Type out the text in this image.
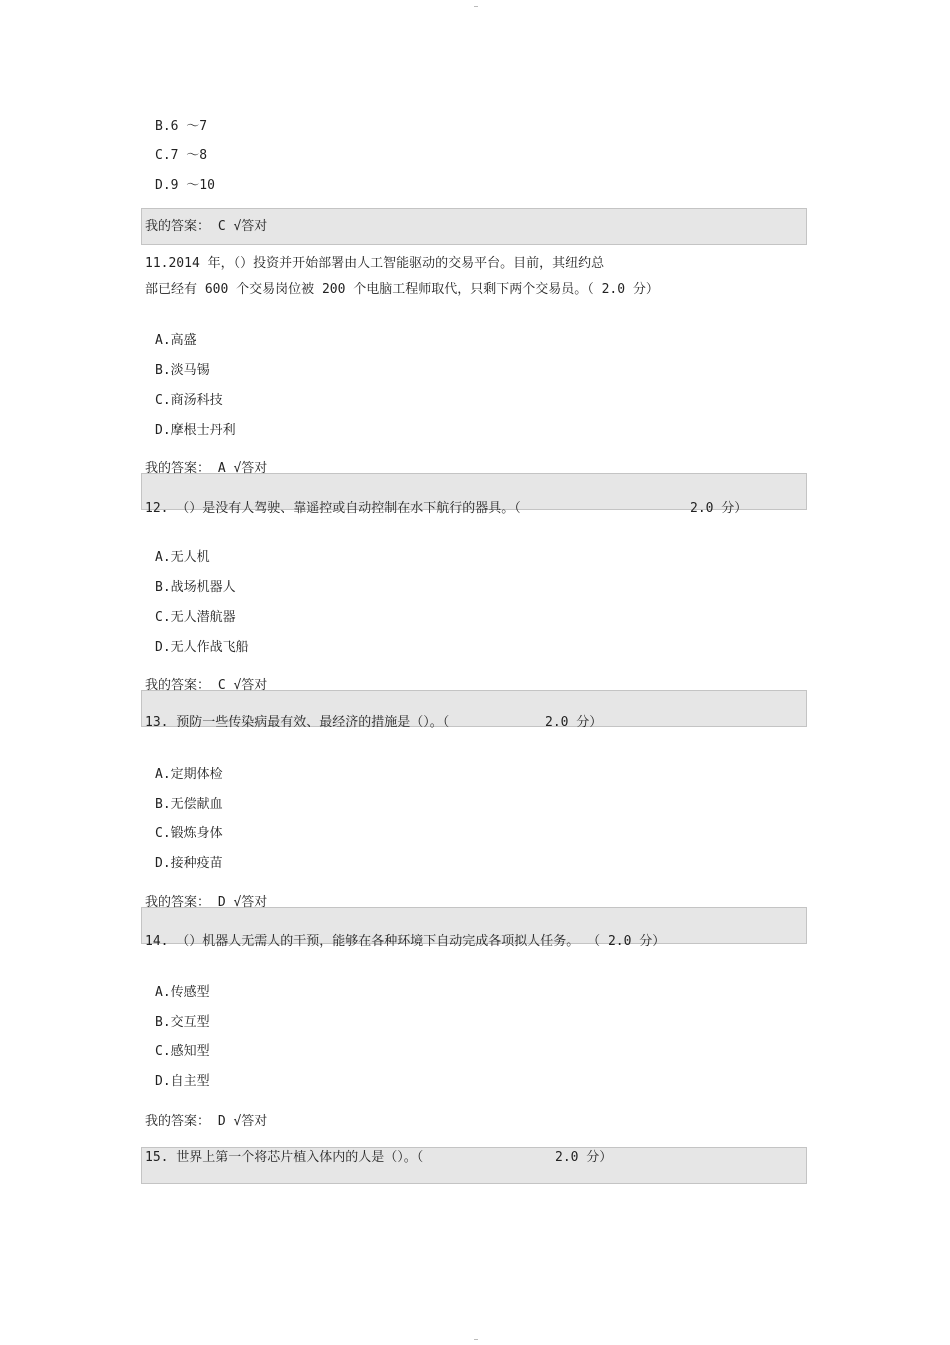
B.6 ～7
C.7 ～8
D.9 ～10
我的答案： C √答对
11.2014 年，（）投资并开始部署由人工智能驱动的交易平台。目前，其纽约总
部已经有 600 个交易岗位被 200 个电脑工程师取代，只剩下两个交易员。（ 2.0 分）
A.高盛
B.淡马锡
C.商汤科技
D.摩根士丹利
我的答案： A √答对
12. （）是没有人驾驶、靠遥控或自动控制在水下航行的器具。（	2.0 分）
A.无人机
B.战场机器人
C.无人潜航器
D.无人作战飞船
我的答案： C √答对
13. 预防一些传染病最有效、最经济的措施是（）。（	2.0 分）
A.定期体检
B.无偿献血
C.锻炼身体
D.接种疫苗
我的答案： D √答对
14. （）机器人无需人的干预，能够在各种环境下自动完成各项拟人任务。 （ 2.0 分）
A.传感型
B.交互型
C.感知型
D.自主型
我的答案： D √答对
15. 世界上第一个将芯片植入体内的人是（）。（	2.0 分）
